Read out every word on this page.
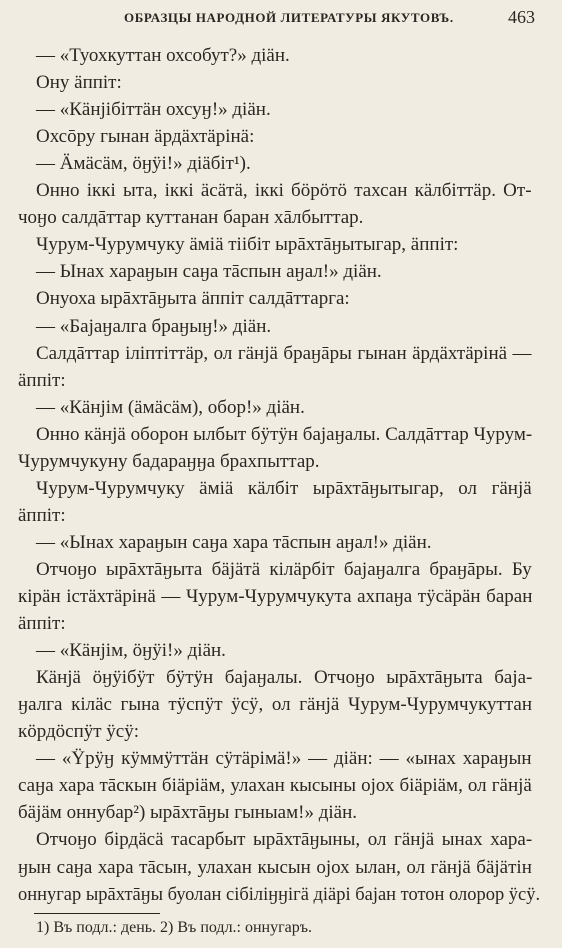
ОБРАЗЦЫ НАРОДНОЙ ЛИТЕРАТУРЫ ЯКУТОВЪ.	463
— «Туохкуттан охсобут?» дiäн.
Ону äппiт:
— «Кäнjiбiттäн охсуӈ!» дiäн.
Охсōру гынан äрдäхтäрiнä:
— Äмäсäм, öӈÿi!» дiäбiт¹).
Онно iккi ыта, iккi äсäтä, iккi бöрöтö тахсан кäлбiттäр. От-
чоӈо салдāттар куттанан баран хāлбыттар.
Чурум-Чурумчуку äмiä тiiбiт ырāхтāӈытыгар, äппiт:
— Ынах хараӈын саӈа тāспын аӈал!» дiäн.
Онуоха ырāхтāӈыта äппiт салдāттарга:
— «Баjаӈалга браӈыӈ!» дiäн.
Салдāттар iлiптiттäр, ол гäнjä браӈāры гынан äрдäхтäрiнä —
äппiт:
— «Кäнjiм (äмäсäм), обор!» дiäн.
Онно кäнjä оборон ылбыт бÿтÿн баjаӈалы. Салдāттар Чурум-
Чурумчукуну бадараӈӈа брахпыттар.
Чурум-Чурумчуку äмiä кäлбiт ырāхтāӈытыгар, ол гäнjä
äппiт:
— «Ынах хараӈын саӈа хара тāспын аӈал!» дiäн.
Отчоӈо ырāхтāӈыта бäjäтä кiлäрбiт баjаӈалга браӈāры. Бу
кiрäн iстäхтäрiнä — Чурум-Чурумчукута ахпаӈа тÿсäрäн баран
äппiт:
— «Кäнjiм, öӈÿi!» дiäн.
Кäнjä öӈÿiбÿт бÿтÿн баjаӈалы. Отчоӈо ырāхтāӈыта баjа-
ӈалга кiлäс гына тÿспÿт ÿсÿ, ол гäнjä Чурум-Чурумчукуттан
кöрдöспÿт ÿсÿ:
— «Ÿрÿӈ кÿммÿттäн сÿтäрiмä!» — дiäн: — «ынах хараӈын
саӈа хара тāскын бiäрiäм, улахан кысыны оjох бiäрiäм, ол гäнjä
бäjäм оннубар²) ырāхтāӈы гыныам!» дiäн.
Отчоӈо бiрдäсä тасарбыт ырāхтāӈыны, ол гäнjä ынах хара-
ӈын саӈа хара тāсын, улахан кысын оjох ылан, ол гäнjä бäjäтiн
оннугар ырāхтāӈы буолан сiбiлiӈӈiгä дiäрi баjан тотон олорор ÿсÿ.
1) Въ подл.: день. 2) Въ подл.: оннугаръ.
